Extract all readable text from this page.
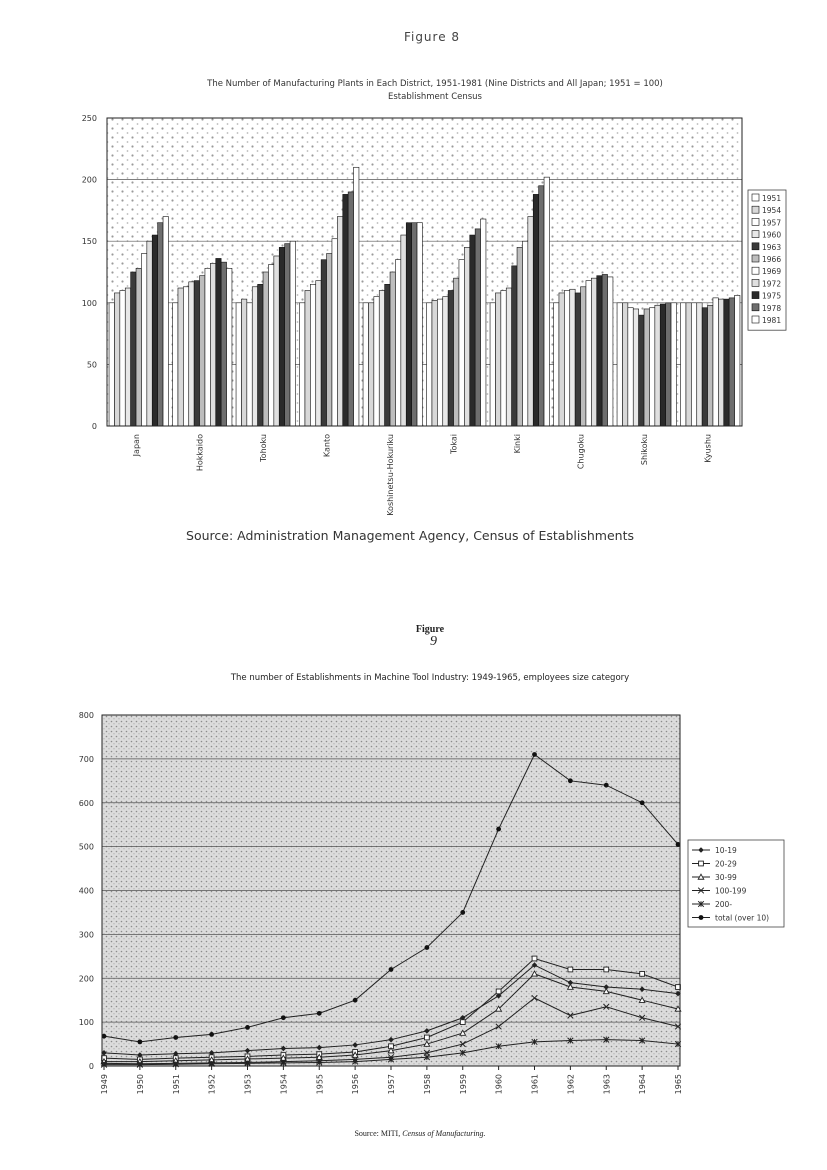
Figure 8
The Number of Manufacturing Plants in Each District, 1951-1981 (Nine Districts and All Japan; 1951 = 100)
Establishment Census
0
50
100
150
200
250
Japan	Hokkaido	Tohoku	Kanto	Koshinetsu-Hokuriku	Tokai	Kinki	Chugoku	Shikoku	Kyushu
1951
1954
1957
1960
1963
1966
1969
1972
1975
1978
1981
Source: Administration Management Agency, Census of Establishments
Figure
9
The number of Establishments in Machine Tool Industry: 1949-1965, employees size category
0
100
200
300
400
500
600
700
800
1949	1950	1951	1952	1953	1954	1955	1956	1957	1958	1959	1960	1961	1962	1963	1964	1965
10-19
20-29
30-99
100-199
200-
total (over 10)
Source: MITI, Census of Manufacturing.
